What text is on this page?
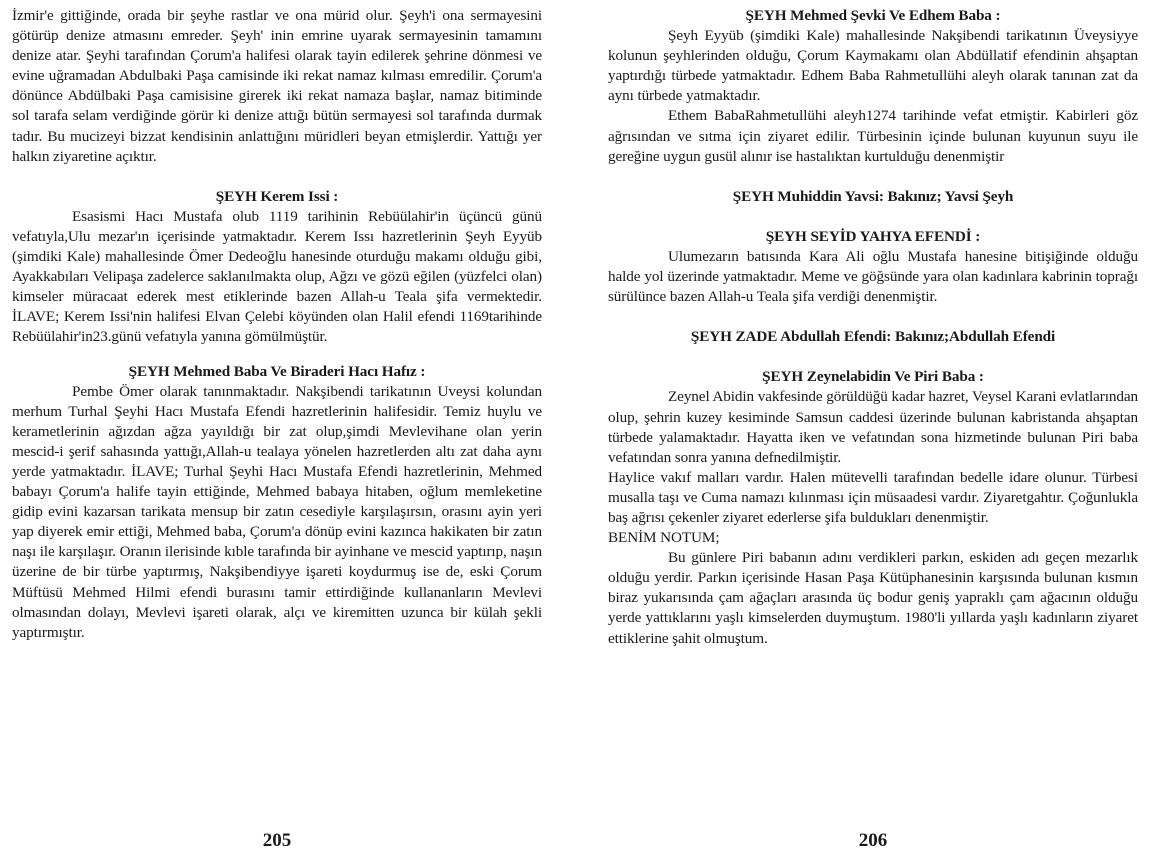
İzmir'e gittiğinde, orada bir şeyhe rastlar ve ona mürid olur. Şeyh'i ona sermayesini götürüp denize atmasını emreder. Şeyh' inin emrine uyarak sermayesinin tamamını denize atar. Şeyhi tarafından Çorum'a halifesi olarak tayin edilerek şehrine dönmesi ve evine uğramadan Abdulbaki Paşa camisinde iki rekat namaz kılması emredilir. Çorum'a dönünce Abdülbaki Paşa camisisine girerek iki rekat namaza başlar, namaz bitiminde sol tarafa selam verdiğinde görür ki denize attığı bütün sermayesi sol tarafında durmak tadır. Bu mucizeyi bizzat kendisinin anlattığını müridleri beyan etmişlerdir. Yattığı yer halkın ziyaretine açıktır.

ŞEYH Kerem Issi :

Esasismi Hacı Mustafa olub 1119 tarihinin Rebüülahir'in üçüncü günü vefatıyla,Ulu mezar'ın içerisinde yatmaktadır. Kerem Issı hazretlerinin Şeyh Eyyüb (şimdiki Kale) mahallesinde Ömer Dedeoğlu hanesinde oturduğu makamı olduğu gibi, Ayakkabıları Velipaşa zadelerce saklanılmakta olup, Ağzı ve gözü eğilen (yüzfelci olan) kimseler müracaat ederek mest etiklerinde bazen Allah-u Teala şifa vermektedir. İLAVE; Kerem Issi'nin halifesi Elvan Çelebi köyünden olan Halil efendi 1169tarihinde Rebüülahir'in23.günü vefatıyla yanına gömülmüştür.

ŞEYH Mehmed Baba Ve Biraderi Hacı Hafız :

Pembe Ömer olarak tanınmaktadır. Nakşibendi tarikatının Uveysi kolundan merhum Turhal Şeyhi Hacı Mustafa Efendi hazretlerinin halifesidir. Temiz huylu ve kerametlerinin ağızdan ağza yayıldığı bir zat olup,şimdi Mevlevihane olan yerin mescid-i şerif sahasında yattığı,Allah-u tealaya yönelen hazretlerden altı zat daha aynı yerde yatmaktadır. İLAVE; Turhal Şeyhi Hacı Mustafa Efendi hazretlerinin, Mehmed babayı Çorum'a halife tayin ettiğinde, Mehmed babaya hitaben, oğlum memleketine gidip evini kazarsan tarikata mensup bir zatın cesediyle karşılaşırsın, orasını ayin yeri yap diyerek emir ettiği, Mehmed baba, Çorum'a dönüp evini kazınca hakikaten bir zatın naşı ile karşılaşır. Oranın ilerisinde kıble tarafında bir ayinhane ve mescid yaptırıp, naşın üzerine de bir türbe yaptırmış, Nakşibendiyye işareti koydurmuş ise de, eski Çorum Müftüsü Mehmed Hilmi efendi burasını tamir ettirdiğinde kullananların Mevlevi olmasından dolayı, Mevlevi işareti olarak, alçı ve kiremitten uzunca bir külah şekli yaptırmıştır.

205

ŞEYH Mehmed Şevki Ve Edhem Baba :

Şeyh Eyyüb (şimdiki Kale) mahallesinde Nakşibendi tarikatının Üveysiyye kolunun şeyhlerinden olduğu, Çorum Kaymakamı olan Abdüllatif efendinin ahşaptan yaptırdığı türbede yatmaktadır. Edhem Baba Rahmetullühi aleyh olarak tanınan zat da aynı türbede yatmaktadır.

Ethem BabaRahmetullühi aleyh1274 tarihinde vefat etmiştir. Kabirleri göz ağrısından ve sıtma için ziyaret edilir. Türbesinin içinde bulunan kuyunun suyu ile gereğine uygun gusül alınır ise hastalıktan kurtulduğu denenmiştir

ŞEYH Muhiddin Yavsi: Bakınız; Yavsi Şeyh

ŞEYH SEYİD YAHYA EFENDİ :

Ulumezarın batısında Kara Ali oğlu Mustafa hanesine bitişiğinde olduğu halde yol üzerinde yatmaktadır. Meme ve göğsünde yara olan kadınlara kabrinin toprağı sürülünce bazen Allah-u Teala şifa verdiği denenmiştir.

ŞEYH ZADE Abdullah Efendi: Bakınız;Abdullah Efendi

ŞEYH Zeynelabidin Ve Piri Baba :

Zeynel Abidin vakfesinde görüldüğü kadar hazret, Veysel Karani evlatlarından olup, şehrin kuzey kesiminde Samsun caddesi üzerinde bulunan kabristanda ahşaptan türbede yalamaktadır. Hayatta iken ve vefatından sona hizmetinde bulunan Piri baba vefatından sonra yanına defnedilmiştir.

Haylice vakıf malları vardır. Halen mütevelli tarafından bedelle idare olunur. Türbesi musalla taşı ve Cuma namazı kılınması için müsaadesi vardır. Ziyaretgahtır. Çoğunlukla baş ağrısı çekenler ziyaret ederlerse şifa buldukları denenmiştir.

BENİM NOTUM;

Bu günlere Piri babanın adını verdikleri parkın, eskiden adı geçen mezarlık olduğu yerdir. Parkın içerisinde Hasan Paşa Kütüphanesinin karşısında bulunan kısmın biraz yukarısında çam ağaçları arasında üç bodur geniş yapraklı çam ağacının olduğu yerde yattıklarını yaşlı kimselerden duymuştum. 1980'li yıllarda yaşlı kadınların ziyaret ettiklerine şahit olmuştum.

206
